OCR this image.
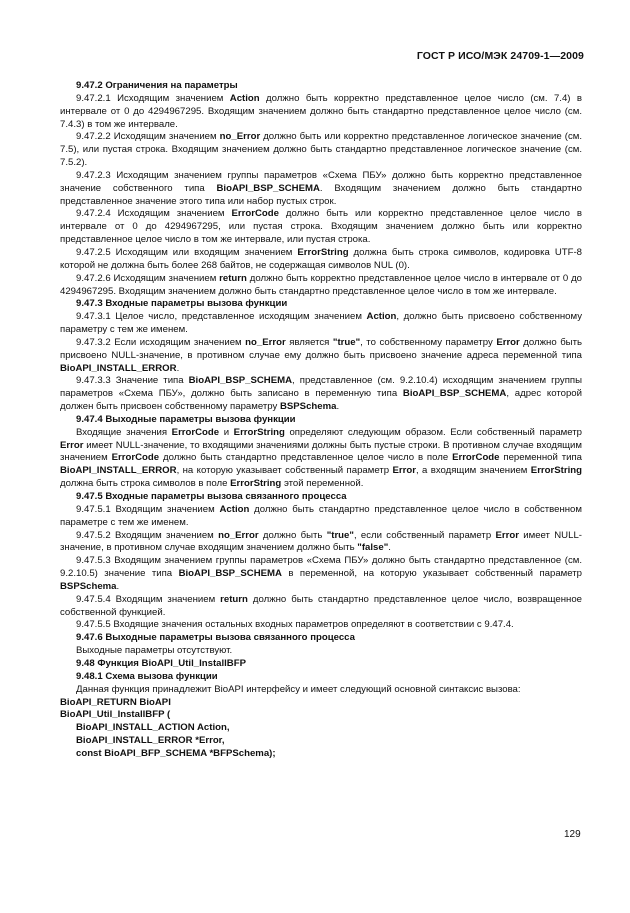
ГОСТ Р ИСО/МЭК 24709-1—2009

9.47.2 Ограничения на параметры

9.47.2.1 Исходящим значением Action должно быть корректно представленное целое число (см. 7.4) в интервале от 0 до 4294967295. Входящим значением должно быть стандартно представленное целое число (см. 7.4.3) в том же интервале.

9.47.2.2 Исходящим значением no_Error должно быть или корректно представленное логическое значение (см. 7.5), или пустая строка. Входящим значением должно быть стандартно представленное логическое значение (см. 7.5.2).

9.47.2.3 Исходящим значением группы параметров «Схема ПБУ» должно быть корректно представленное значение собственного типа BioAPI_BSP_SCHEMA. Входящим значением должно быть стандартно представленное значение этого типа или набор пустых строк.

9.47.2.4 Исходящим значением ErrorCode должно быть или корректно представленное целое число в интервале от 0 до 4294967295, или пустая строка. Входящим значением должно быть или корректно представленное целое число в том же интервале, или пустая строка.

9.47.2.5 Исходящим или входящим значением ErrorString должна быть строка символов, кодировка UTF-8 которой не должна быть более 268 байтов, не содержащая символов NUL (0).

9.47.2.6 Исходящим значением return должно быть корректно представленное целое число в интервале от 0 до 4294967295. Входящим значением должно быть стандартно представленное целое число в том же интервале.

9.47.3 Входные параметры вызова функции

9.47.3.1 Целое число, представленное исходящим значением Action, должно быть присвоено собственному параметру с тем же именем.

9.47.3.2 Если исходящим значением no_Error является "true", то собственному параметру Error должно быть присвоено NULL-значение, в противном случае ему должно быть присвоено значение адреса переменной типа BioAPI_INSTALL_ERROR.

9.47.3.3 Значение типа BioAPI_BSP_SCHEMA, представленное (см. 9.2.10.4) исходящим значением группы параметров «Схема ПБУ», должно быть записано в переменную типа BioAPI_BSP_SCHEMA, адрес которой должен быть присвоен собственному параметру BSPSchema.

9.47.4 Выходные параметры вызова функции

Входящие значения ErrorCode и ErrorString определяют следующим образом. Если собственный параметр Error имеет NULL-значение, то входящими значениями должны быть пустые строки. В противном случае входящим значением ErrorCode должно быть стандартно представленное целое число в поле ErrorCode переменной типа BioAPI_INSTALL_ERROR, на которую указывает собственный параметр Error, а входящим значением ErrorString должна быть строка символов в поле ErrorString этой переменной.

9.47.5 Входные параметры вызова связанного процесса

9.47.5.1 Входящим значением Action должно быть стандартно представленное целое число в собственном параметре с тем же именем.

9.47.5.2 Входящим значением no_Error должно быть "true", если собственный параметр Error имеет NULL-значение, в противном случае входящим значением должно быть "false".

9.47.5.3 Входящим значением группы параметров «Схема ПБУ» должно быть стандартно представленное (см. 9.2.10.5) значение типа BioAPI_BSP_SCHEMA в переменной, на которую указывает собственный параметр BSPSchema.

9.47.5.4 Входящим значением return должно быть стандартно представленное целое число, возвращенное собственной функцией.

9.47.5.5 Входящие значения остальных входных параметров определяют в соответствии с 9.47.4.

9.47.6 Выходные параметры вызова связанного процесса

Выходные параметры отсутствуют.

9.48 Функция BioAPI_Util_InstallBFP

9.48.1 Схема вызова функции

Данная функция принадлежит BioAPI интерфейсу и имеет следующий основной синтаксис вызова:

BioAPI_RETURN BioAPI

BioAPI_Util_InstallBFP (

BioAPI_INSTALL_ACTION Action,

BioAPI_INSTALL_ERROR *Error,

const BioAPI_BFP_SCHEMA *BFPSchema);

129
